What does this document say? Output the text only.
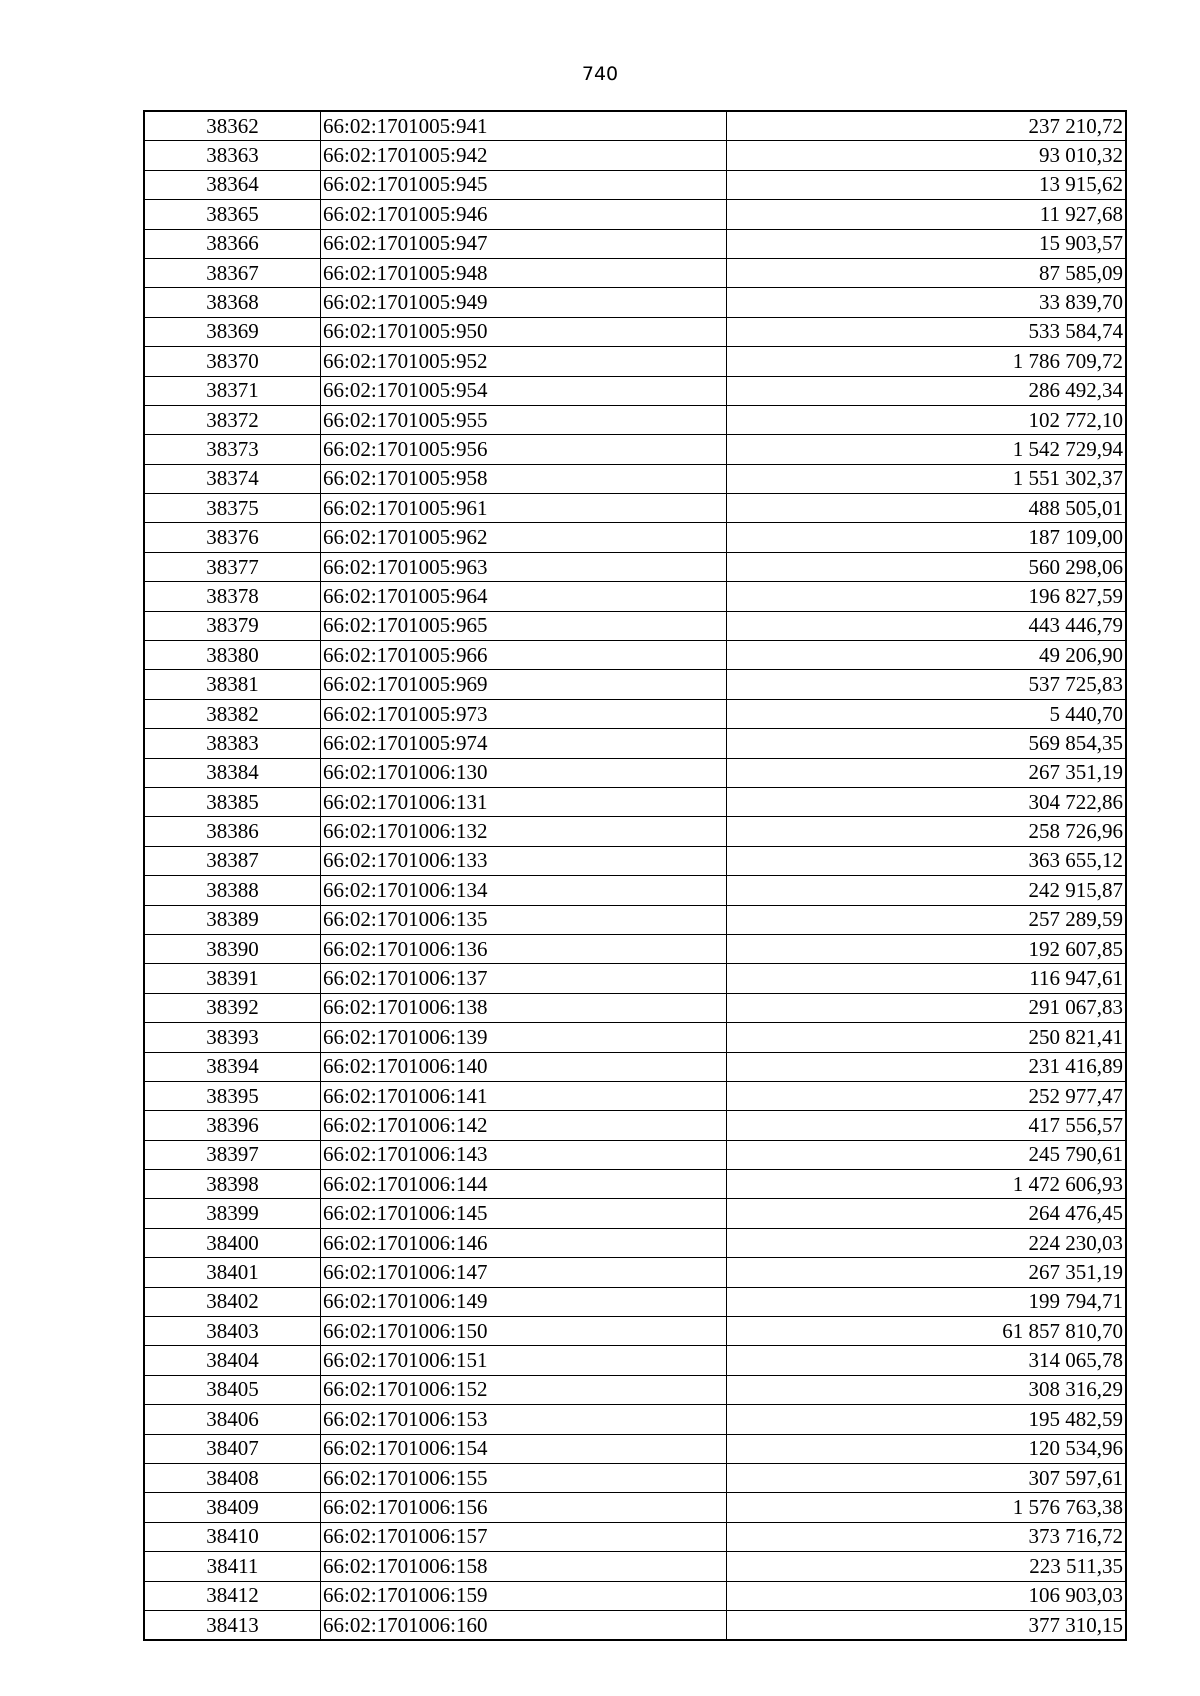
740
38362	66:02:1701005:941	237 210,72
38363	66:02:1701005:942	93 010,32
38364	66:02:1701005:945	13 915,62
38365	66:02:1701005:946	11 927,68
38366	66:02:1701005:947	15 903,57
38367	66:02:1701005:948	87 585,09
38368	66:02:1701005:949	33 839,70
38369	66:02:1701005:950	533 584,74
38370	66:02:1701005:952	1 786 709,72
38371	66:02:1701005:954	286 492,34
38372	66:02:1701005:955	102 772,10
38373	66:02:1701005:956	1 542 729,94
38374	66:02:1701005:958	1 551 302,37
38375	66:02:1701005:961	488 505,01
38376	66:02:1701005:962	187 109,00
38377	66:02:1701005:963	560 298,06
38378	66:02:1701005:964	196 827,59
38379	66:02:1701005:965	443 446,79
38380	66:02:1701005:966	49 206,90
38381	66:02:1701005:969	537 725,83
38382	66:02:1701005:973	5 440,70
38383	66:02:1701005:974	569 854,35
38384	66:02:1701006:130	267 351,19
38385	66:02:1701006:131	304 722,86
38386	66:02:1701006:132	258 726,96
38387	66:02:1701006:133	363 655,12
38388	66:02:1701006:134	242 915,87
38389	66:02:1701006:135	257 289,59
38390	66:02:1701006:136	192 607,85
38391	66:02:1701006:137	116 947,61
38392	66:02:1701006:138	291 067,83
38393	66:02:1701006:139	250 821,41
38394	66:02:1701006:140	231 416,89
38395	66:02:1701006:141	252 977,47
38396	66:02:1701006:142	417 556,57
38397	66:02:1701006:143	245 790,61
38398	66:02:1701006:144	1 472 606,93
38399	66:02:1701006:145	264 476,45
38400	66:02:1701006:146	224 230,03
38401	66:02:1701006:147	267 351,19
38402	66:02:1701006:149	199 794,71
38403	66:02:1701006:150	61 857 810,70
38404	66:02:1701006:151	314 065,78
38405	66:02:1701006:152	308 316,29
38406	66:02:1701006:153	195 482,59
38407	66:02:1701006:154	120 534,96
38408	66:02:1701006:155	307 597,61
38409	66:02:1701006:156	1 576 763,38
38410	66:02:1701006:157	373 716,72
38411	66:02:1701006:158	223 511,35
38412	66:02:1701006:159	106 903,03
38413	66:02:1701006:160	377 310,15
